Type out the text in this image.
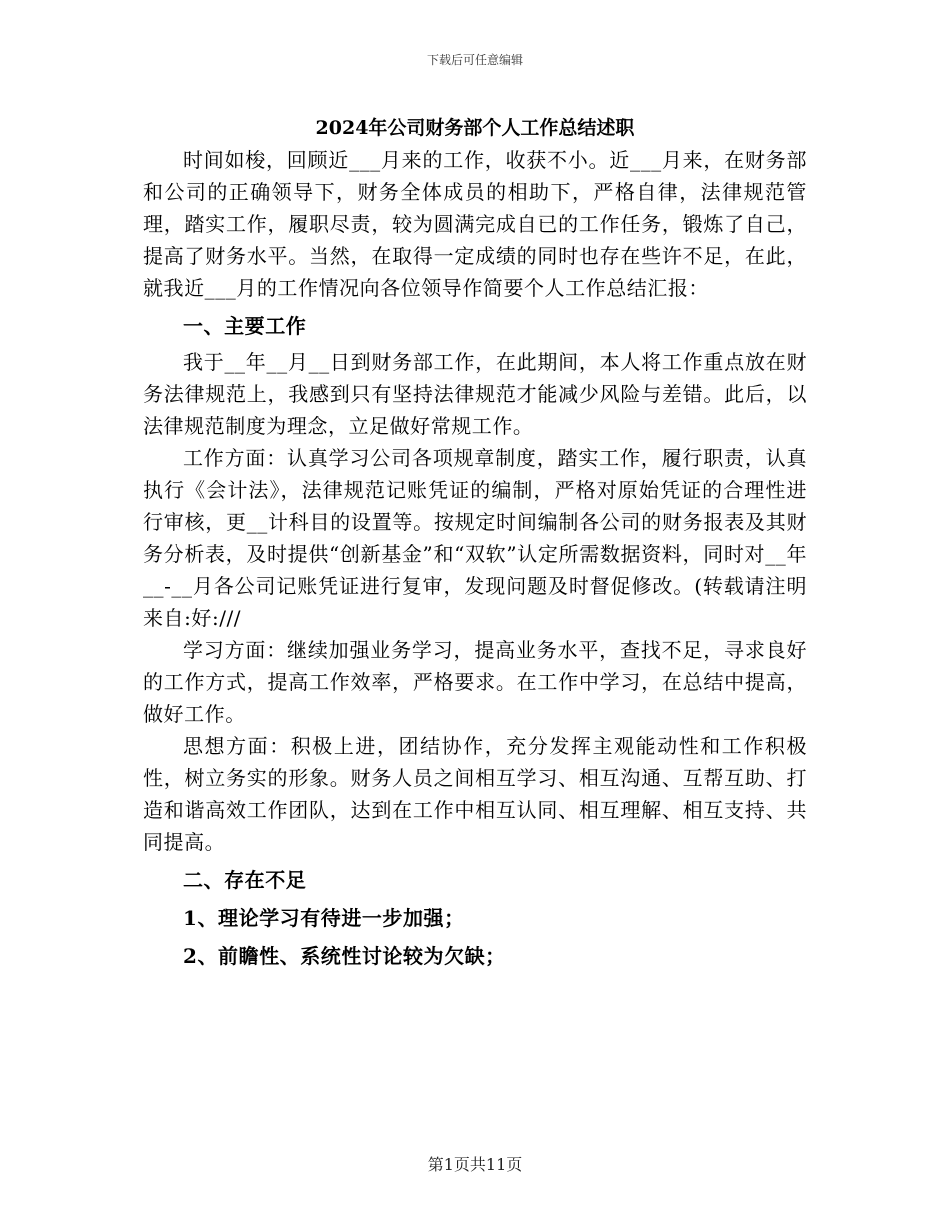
下载后可任意编辑
2024年公司财务部个人工作总结述职

时间如梭，回顾近___月来的工作，收获不小。近___月来，在财务部和公司的正确领导下，财务全体成员的相助下，严格自律，法律规范管理，踏实工作，履职尽责，较为圆满完成自已的工作任务，锻炼了自己，提高了财务水平。当然，在取得一定成绩的同时也存在些许不足，在此，就我近___月的工作情况向各位领导作简要个人工作总结汇报：

一、主要工作

我于__年__月__日到财务部工作，在此期间，本人将工作重点放在财务法律规范上，我感到只有坚持法律规范才能减少风险与差错。此后，以法律规范制度为理念，立足做好常规工作。

工作方面：认真学习公司各项规章制度，踏实工作，履行职责，认真执行《会计法》，法律规范记账凭证的编制，严格对原始凭证的合理性进行审核，更__计科目的设置等。按规定时间编制各公司的财务报表及其财务分析表，及时提供“创新基金”和“双软”认定所需数据资料，同时对__年__-__月各公司记账凭证进行复审，发现问题及时督促修改。(转载请注明来自:好:///

学习方面：继续加强业务学习，提高业务水平，查找不足，寻求良好的工作方式，提高工作效率，严格要求。在工作中学习，在总结中提高，做好工作。

思想方面：积极上进，团结协作，充分发挥主观能动性和工作积极性，树立务实的形象。财务人员之间相互学习、相互沟通、互帮互助、打造和谐高效工作团队，达到在工作中相互认同、相互理解、相互支持、共同提高。

二、存在不足

1、理论学习有待进一步加强；

2、前瞻性、系统性讨论较为欠缺；

第1页共11页
